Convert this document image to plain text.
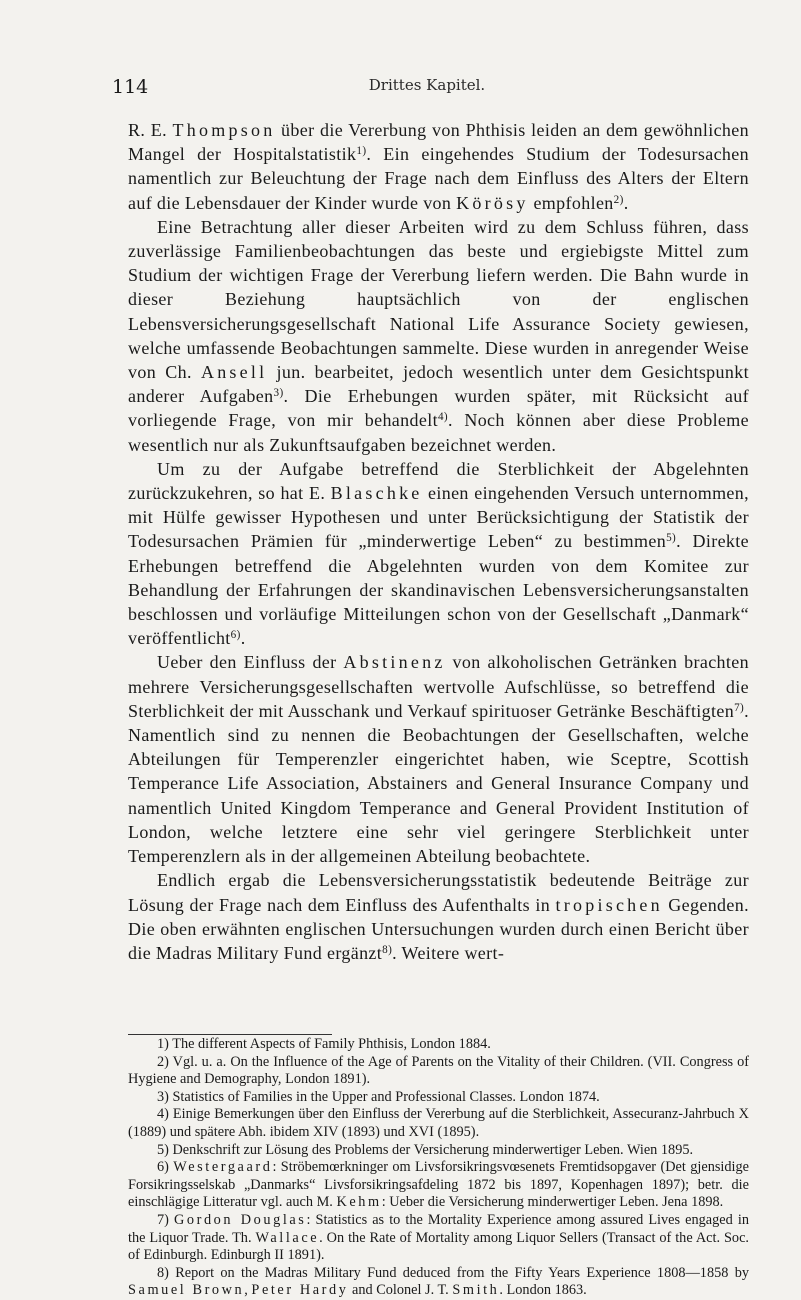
114	Drittes Kapitel.

R. E. Thompson über die Vererbung von Phthisis leiden an dem gewöhnlichen Mangel der Hospitalstatistik$^{1)}$. Ein eingehendes Studium der Todesursachen namentlich zur Beleuchtung der Frage nach dem Einfluss des Alters der Eltern auf die Lebensdauer der Kinder wurde von Körösy empfohlen$^{2)}$.

Eine Betrachtung aller dieser Arbeiten wird zu dem Schluss führen, dass zuverlässige Familienbeobachtungen das beste und ergiebigste Mittel zum Studium der wichtigen Frage der Vererbung liefern werden. Die Bahn wurde in dieser Beziehung hauptsächlich von der englischen Lebensversicherungsgesellschaft National Life Assurance Society gewiesen, welche umfassende Beobachtungen sammelte. Diese wurden in anregender Weise von Ch. Ansell jun. bearbeitet, jedoch wesentlich unter dem Gesichtspunkt anderer Aufgaben$^{3)}$. Die Erhebungen wurden später, mit Rücksicht auf vorliegende Frage, von mir behandelt$^{4)}$. Noch können aber diese Probleme wesentlich nur als Zukunftsaufgaben bezeichnet werden.

Um zu der Aufgabe betreffend die Sterblichkeit der Abgelehnten zurückzukehren, so hat E. Blaschke einen eingehenden Versuch unternommen, mit Hülfe gewisser Hypothesen und unter Berücksichtigung der Statistik der Todesursachen Prämien für „minderwertige Leben“ zu bestimmen$^{5)}$. Direkte Erhebungen betreffend die Abgelehnten wurden von dem Komitee zur Behandlung der Erfahrungen der skandinavischen Lebensversicherungsanstalten beschlossen und vorläufige Mitteilungen schon von der Gesellschaft „Danmark“ veröffentlicht$^{6)}$.

Ueber den Einfluss der Abstinenz von alkoholischen Getränken brachten mehrere Versicherungsgesellschaften wertvolle Aufschlüsse, so betreffend die Sterblichkeit der mit Ausschank und Verkauf spirituoser Getränke Beschäftigten$^{7)}$. Namentlich sind zu nennen die Beobachtungen der Gesellschaften, welche Abteilungen für Temperenzler eingerichtet haben, wie Sceptre, Scottish Temperance Life Association, Abstainers and General Insurance Company und namentlich United Kingdom Temperance and General Provident Institution of London, welche letztere eine sehr viel geringere Sterblichkeit unter Temperenzlern als in der allgemeinen Abteilung beobachtete.

Endlich ergab die Lebensversicherungsstatistik bedeutende Beiträge zur Lösung der Frage nach dem Einfluss des Aufenthalts in tropischen Gegenden. Die oben erwähnten englischen Untersuchungen wurden durch einen Bericht über die Madras Military Fund ergänzt$^{8)}$. Weitere wert-

1) The different Aspects of Family Phthisis, London 1884.

2) Vgl. u. a. On the Influence of the Age of Parents on the Vitality of their Children. (VII. Congress of Hygiene and Demography, London 1891).

3) Statistics of Families in the Upper and Professional Classes. London 1874.

4) Einige Bemerkungen über den Einfluss der Vererbung auf die Sterblichkeit, Assecuranz-Jahrbuch X (1889) und spätere Abh. ibidem XIV (1893) und XVI (1895).

5) Denkschrift zur Lösung des Problems der Versicherung minderwertiger Leben. Wien 1895.

6) Westergaard: Ströbemœrkninger om Livsforsikringsvœsenets Fremtidsopgaver (Det gjensidige Forsikringsselskab „Danmarks“ Livsforsikringsafdeling 1872 bis 1897, Kopenhagen 1897); betr. die einschlägige Litteratur vgl. auch M. Kehm: Ueber die Versicherung minderwertiger Leben. Jena 1898.

7) Gordon Douglas: Statistics as to the Mortality Experience among assured Lives engaged in the Liquor Trade. Th. Wallace. On the Rate of Mortality among Liquor Sellers (Transact of the Act. Soc. of Edinburgh. Edinburgh II 1891).

8) Report on the Madras Military Fund deduced from the Fifty Years Experience 1808—1858 by Samuel Brown, Peter Hardy and Colonel J. T. Smith. London 1863.
